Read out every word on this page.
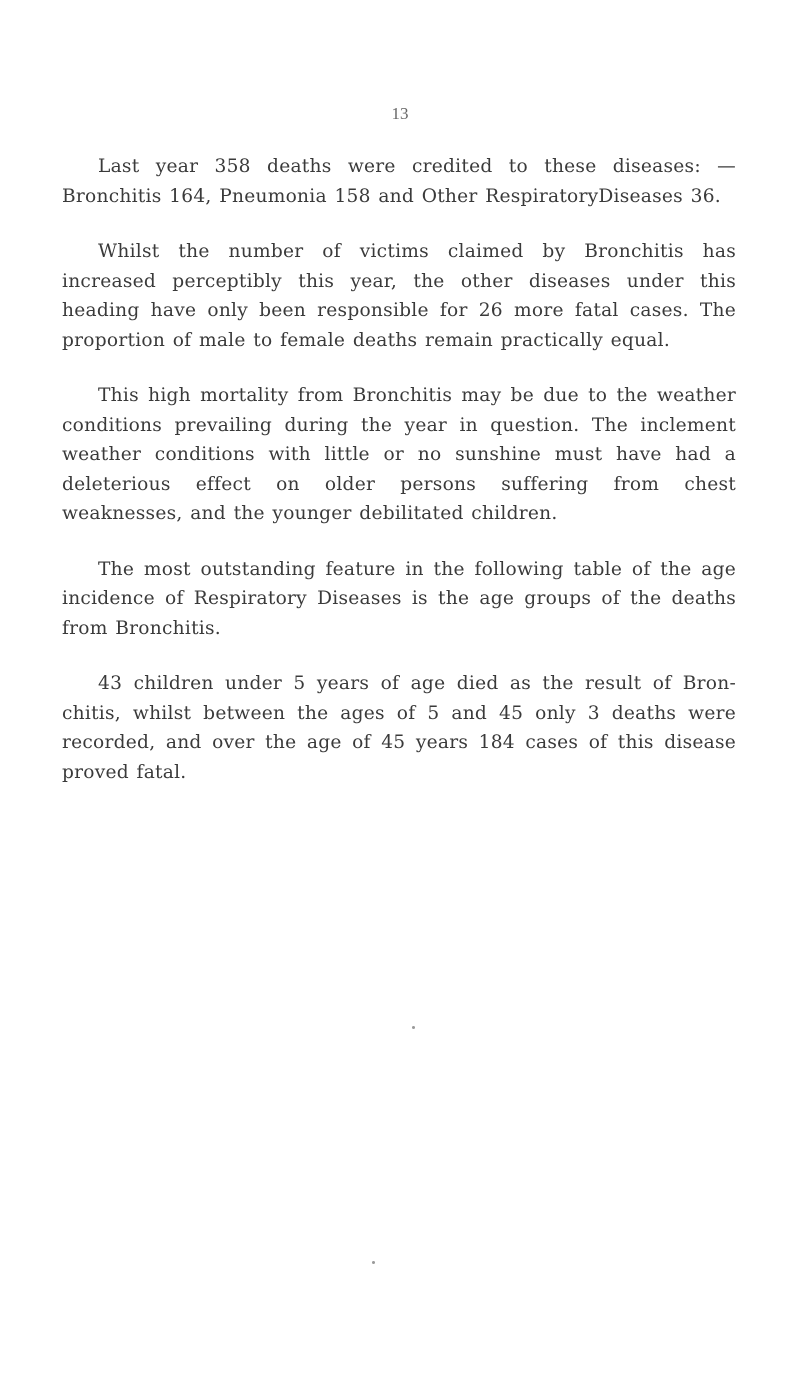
13

Last year 358 deaths were credited to these diseases: — Bronchitis 164, Pneumonia 158 and Other RespiratoryDiseases 36.

Whilst the number of victims claimed by Bronchitis has increased perceptibly this year, the other diseases under this heading have only been responsible for 26 more fatal cases. The proportion of male to female deaths remain practically equal.

This high mortality from Bronchitis may be due to the weather conditions prevailing during the year in question. The inclement weather conditions with little or no sunshine must have had a deleterious effect on older persons suffering from chest weaknesses, and the younger debilitated children.

The most outstanding feature in the following table of the age incidence of Respiratory Diseases is the age groups of the deaths from Bronchitis.

43 children under 5 years of age died as the result of Bron-chitis, whilst between the ages of 5 and 45 only 3 deaths were recorded, and over the age of 45 years 184 cases of this disease proved fatal.
